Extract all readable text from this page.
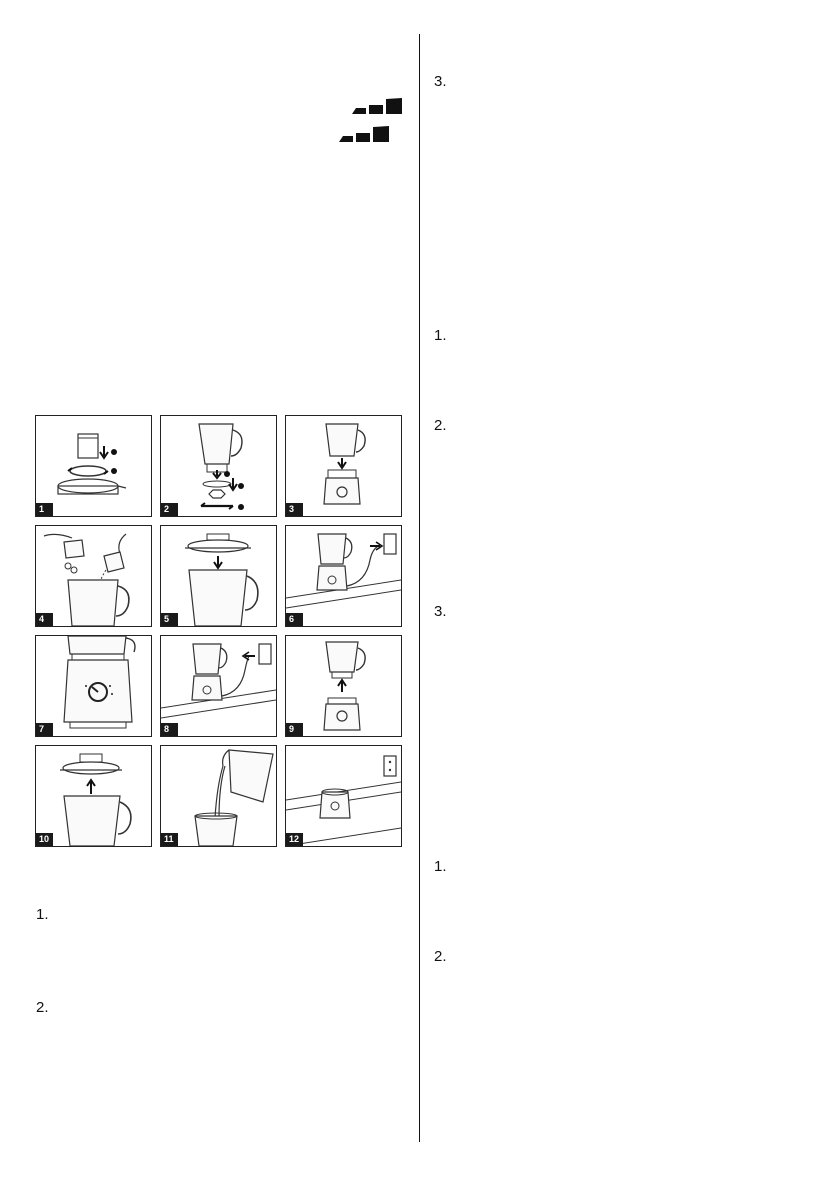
1	2	3
4	5	6
7	8	9
10	11	12
1.
2.
3.
1.
2.
3.
1.
2.
